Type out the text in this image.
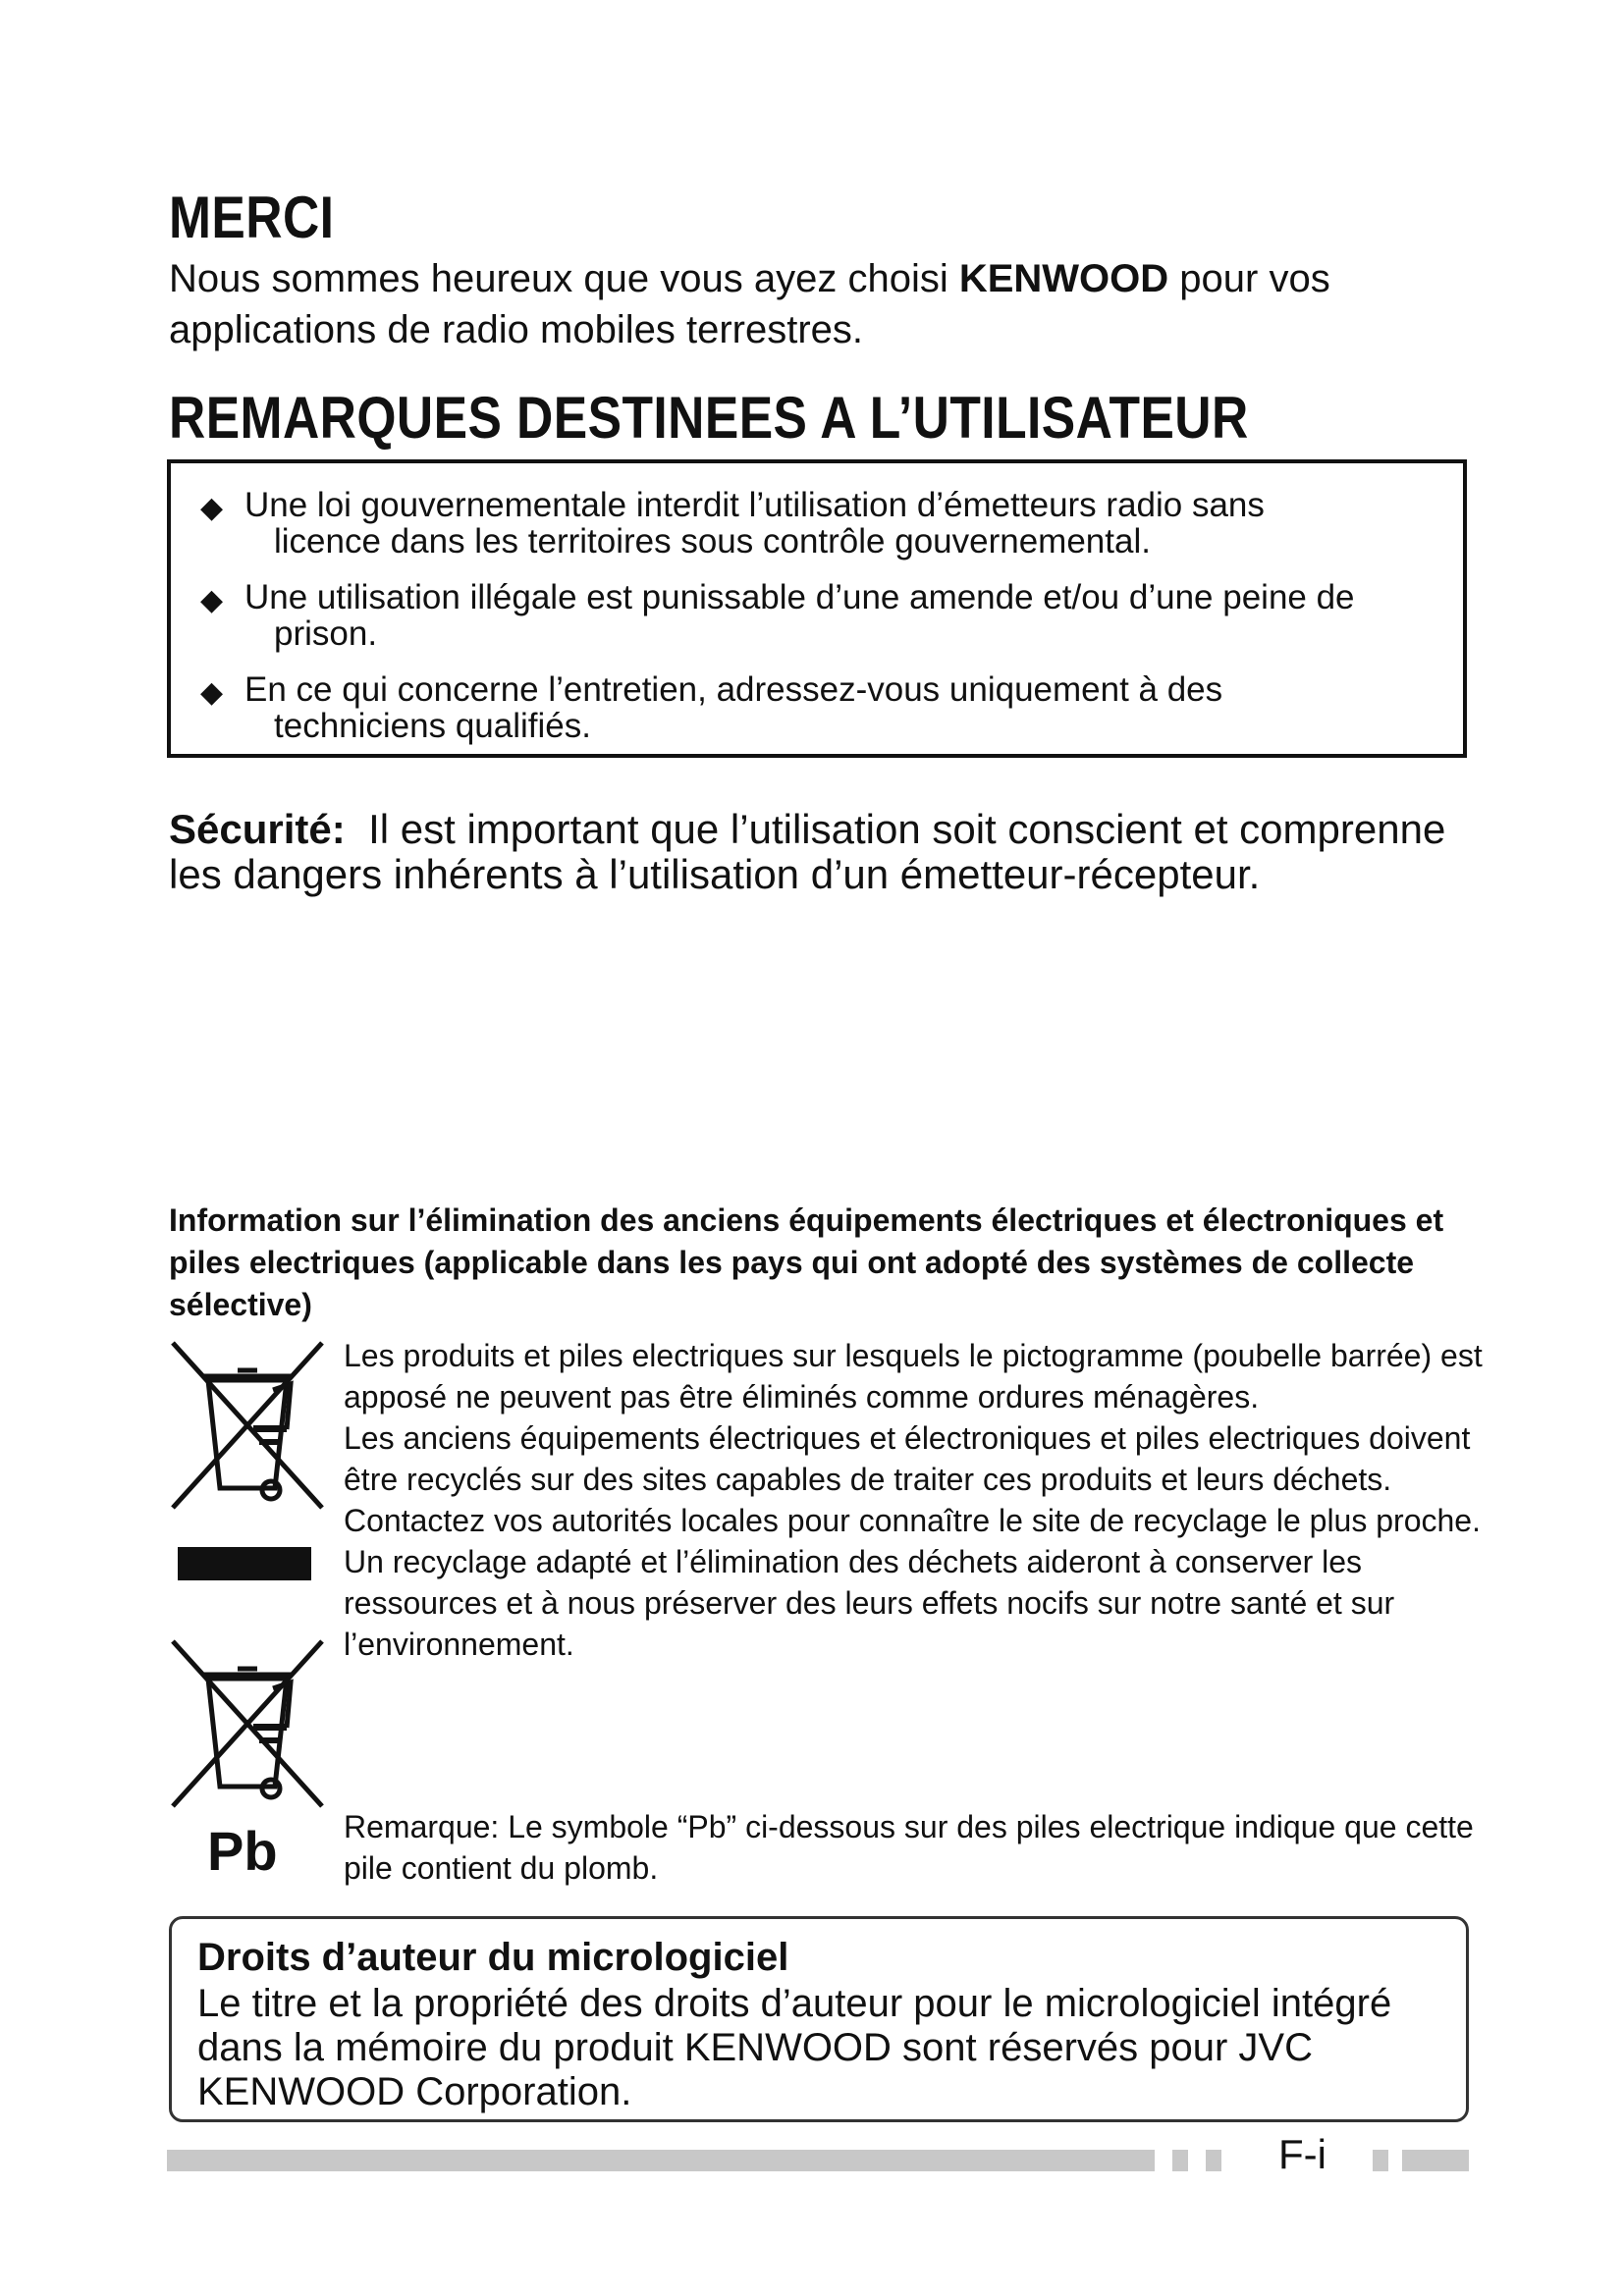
MERCI

Nous sommes heureux que vous ayez choisi KENWOOD pour vos applications de radio mobiles terrestres.

REMARQUES DESTINEES A L’UTILISATEUR
◆ Une loi gouvernementale interdit l’utilisation d’émetteurs radio sans
licence dans les territoires sous contrôle gouvernemental.
◆ Une utilisation illégale est punissable d’une amende et/ou d’une peine de
prison.
◆ En ce qui concerne l’entretien, adressez-vous uniquement à des
techniciens qualifiés.

Sécurité: Il est important que l’utilisation soit conscient et comprenne les dangers inhérents à l’utilisation d’un émetteur-récepteur.

Information sur l’élimination des anciens équipements électriques et électroniques et piles electriques (applicable dans les pays qui ont adopté des systèmes de collecte sélective)

Pb
Les produits et piles electriques sur lesquels le pictogramme (poubelle barrée) est apposé ne peuvent pas être éliminés comme ordures ménagères.
Les anciens équipements électriques et électroniques et piles electriques doivent être recyclés sur des sites capables de traiter ces produits et leurs déchets.
Contactez vos autorités locales pour connaître le site de recyclage le plus proche.
Un recyclage adapté et l’élimination des déchets aideront à conserver les ressources et à nous préserver des leurs effets nocifs sur notre santé et sur l’environnement.

Remarque: Le symbole “Pb” ci-dessous sur des piles electrique indique que cette pile contient du plomb.

Droits d’auteur du micrologiciel

Le titre et la propriété des droits d’auteur pour le micrologiciel intégré dans la mémoire du produit KENWOOD sont réservés pour JVC KENWOOD Corporation.

F-i
